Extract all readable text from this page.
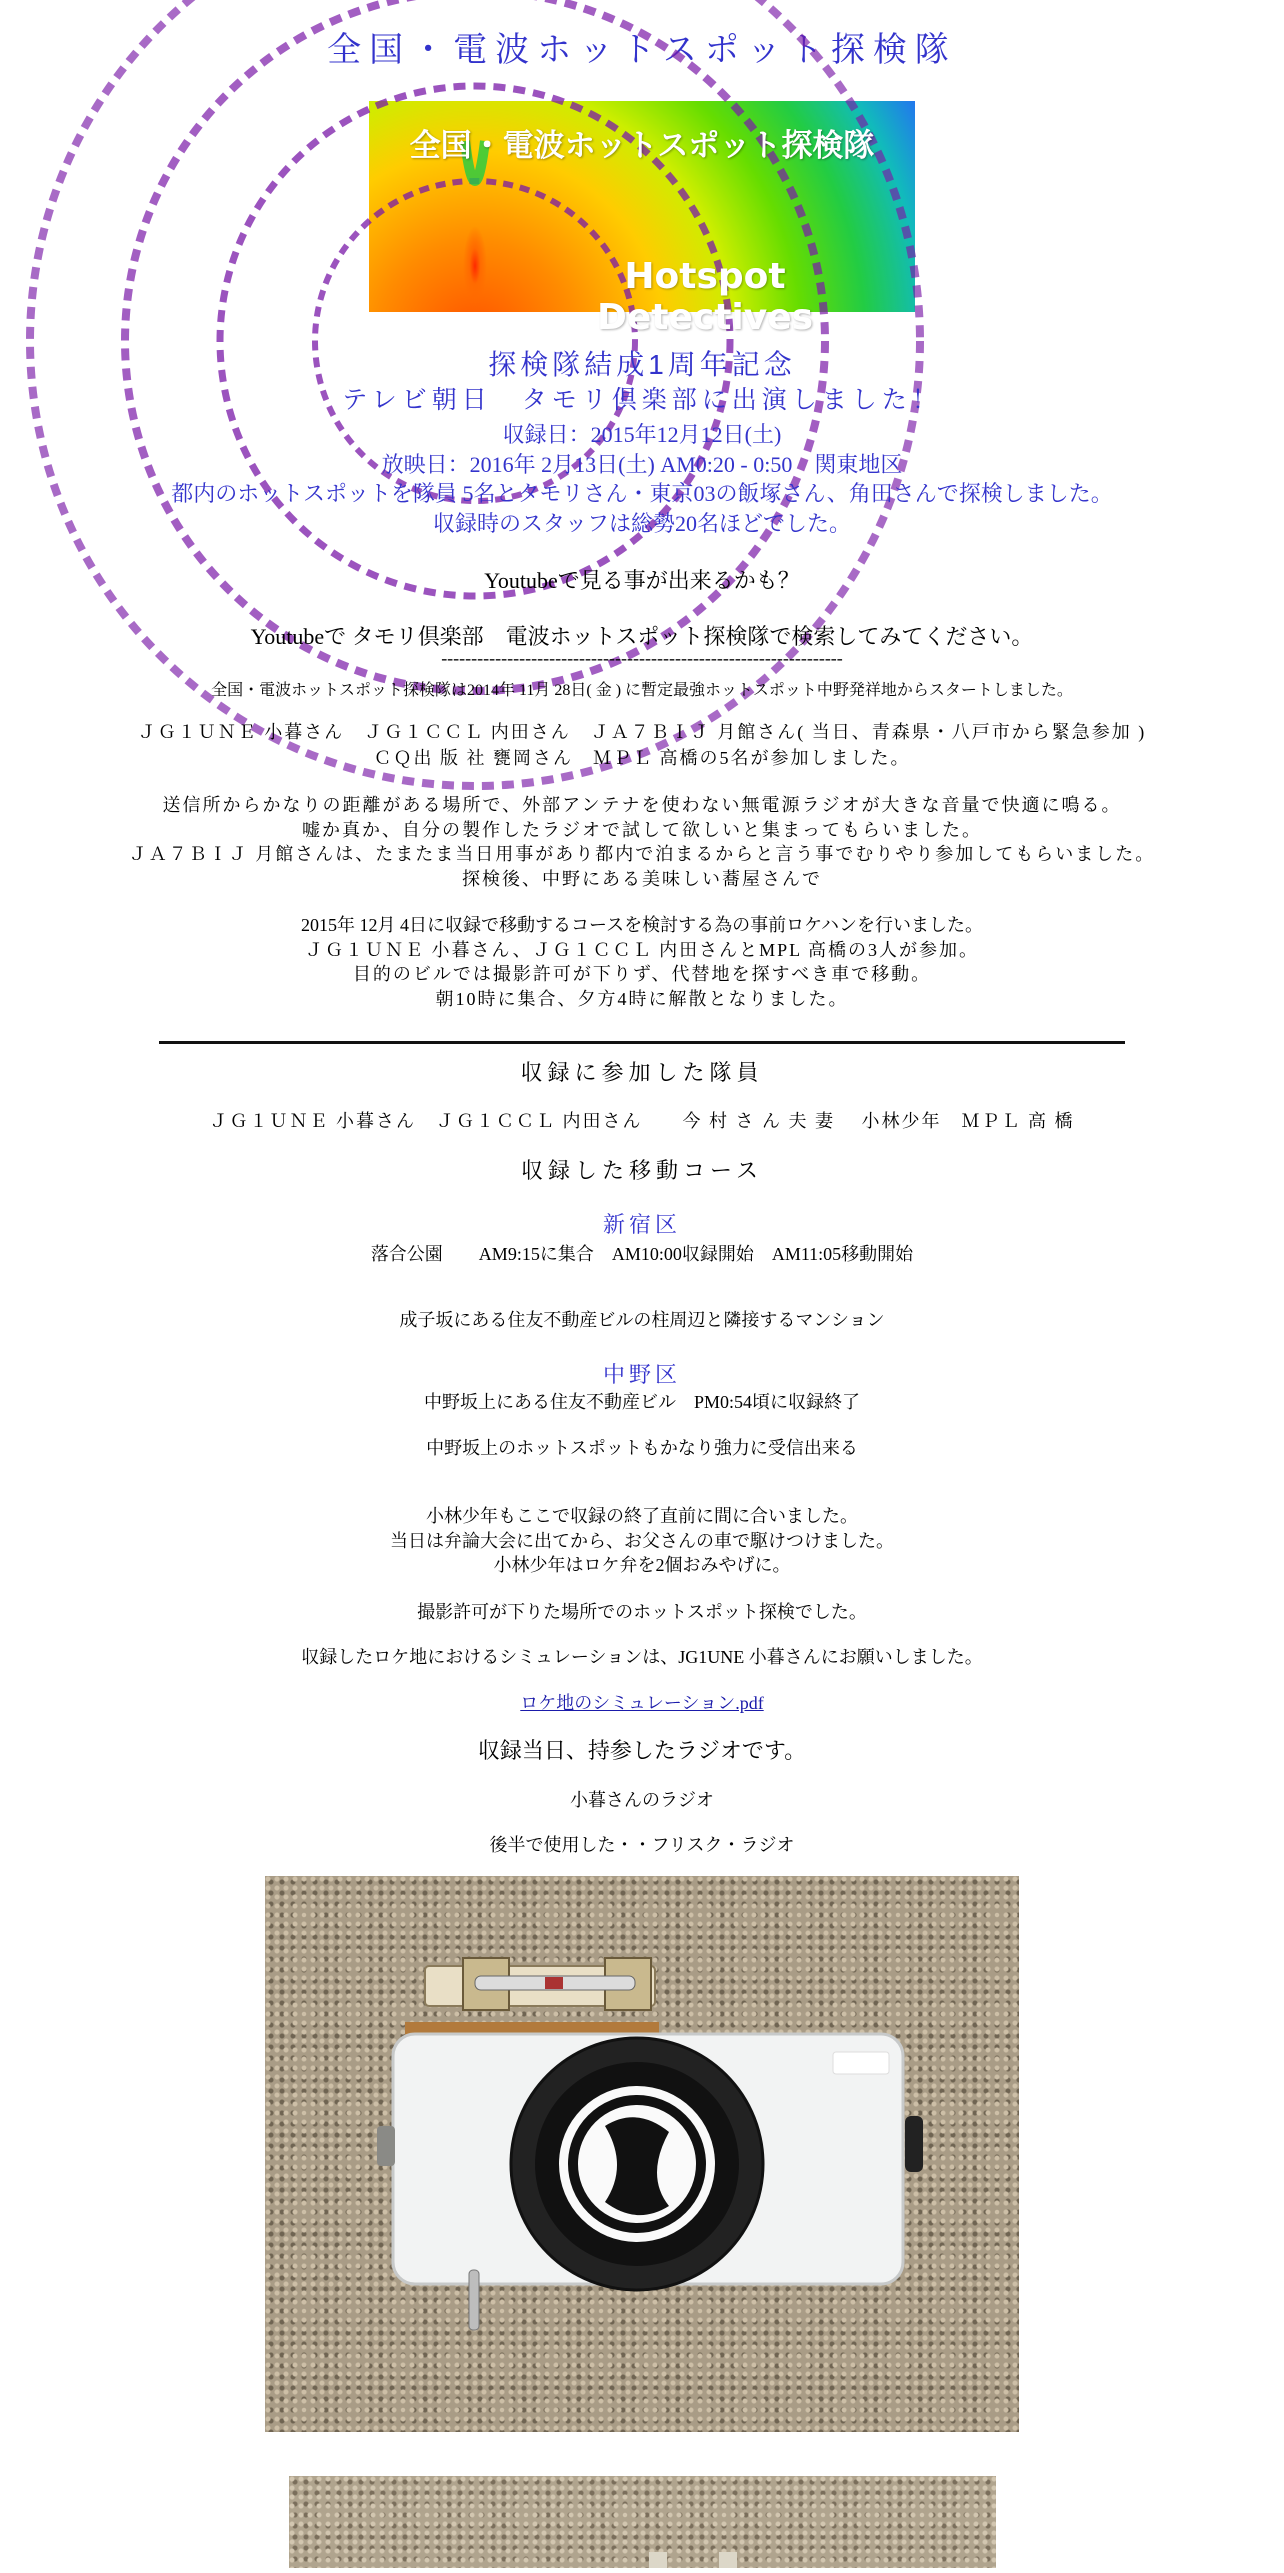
全国・電波ホットスポット探検隊
全国・電波ホットスポット探検隊
Hotspot Detectives
探検隊結成1周年記念
テレビ朝日　タモリ倶楽部に出演しました！
収録日：2015年12月12日(土)
放映日：2016年 2月13日(土) AM0:20 - 0:50　関東地区
都内のホットスポットを隊員 5名とタモリさん・東京03の飯塚さん、角田さんで探検しました。
収録時のスタッフは総勢20名ほどでした。
Youtubeで見る事が出来るかも？
Youtubeで タモリ倶楽部　電波ホットスポット探検隊で検索してみてください。
-------------------------------------------------------------------
全国・電波ホットスポット探検隊は2014年 11月 28日( 金 ) に暫定最強ホットスポット中野発祥地からスタートしました。
ＪＧ１ＵＮＥ 小暮さん　ＪＧ１ＣＣＬ 内田さん　ＪＡ７ＢＩＪ 月館さん( 当日、青森県・八戸市から緊急参加 )
ＣＱ出 版 社 甕岡さん　ＭＰＬ 高橋の5名が参加しました。
送信所からかなりの距離がある場所で、外部アンテナを使わない無電源ラジオが大きな音量で快適に鳴る。
嘘か真か、自分の製作したラジオで試して欲しいと集まってもらいました。
ＪＡ７ＢＩＪ 月館さんは、たまたま当日用事があり都内で泊まるからと言う事でむりやり参加してもらいました。
探検後、中野にある美味しい蕎屋さんで
2015年 12月 4日に収録で移動するコースを検討する為の事前ロケハンを行いました。
ＪＧ１ＵＮＥ 小暮さん、ＪＧ１ＣＣＬ 内田さんとMPL 高橋の3人が参加。
目的のビルでは撮影許可が下りず、代替地を探すべき車で移動。
朝10時に集合、夕方4時に解散となりました。
収録に参加した隊員
ＪＧ１ＵＮＥ 小暮さん　ＪＧ１ＣＣＬ 内田さん　　今 村 さ ん 夫 妻　 小林少年　ＭＰＬ 高 橋
収録した移動コース
新宿区
落合公園　　AM9:15に集合　AM10:00収録開始　AM11:05移動開始
成子坂にある住友不動産ビルの柱周辺と隣接するマンション
中野区
中野坂上にある住友不動産ビル　PM0:54頃に収録終了
中野坂上のホットスポットもかなり強力に受信出来る
小林少年もここで収録の終了直前に間に合いました。
当日は弁論大会に出てから、お父さんの車で駆けつけました。
小林少年はロケ弁を2個おみやげに。
撮影許可が下りた場所でのホットスポット探検でした。
収録したロケ地におけるシミュレーションは、JG1UNE 小暮さんにお願いしました。
ロケ地のシミュレーション.pdf
収録当日、持参したラジオです。
小暮さんのラジオ
後半で使用した・・フリスク・ラジオ
